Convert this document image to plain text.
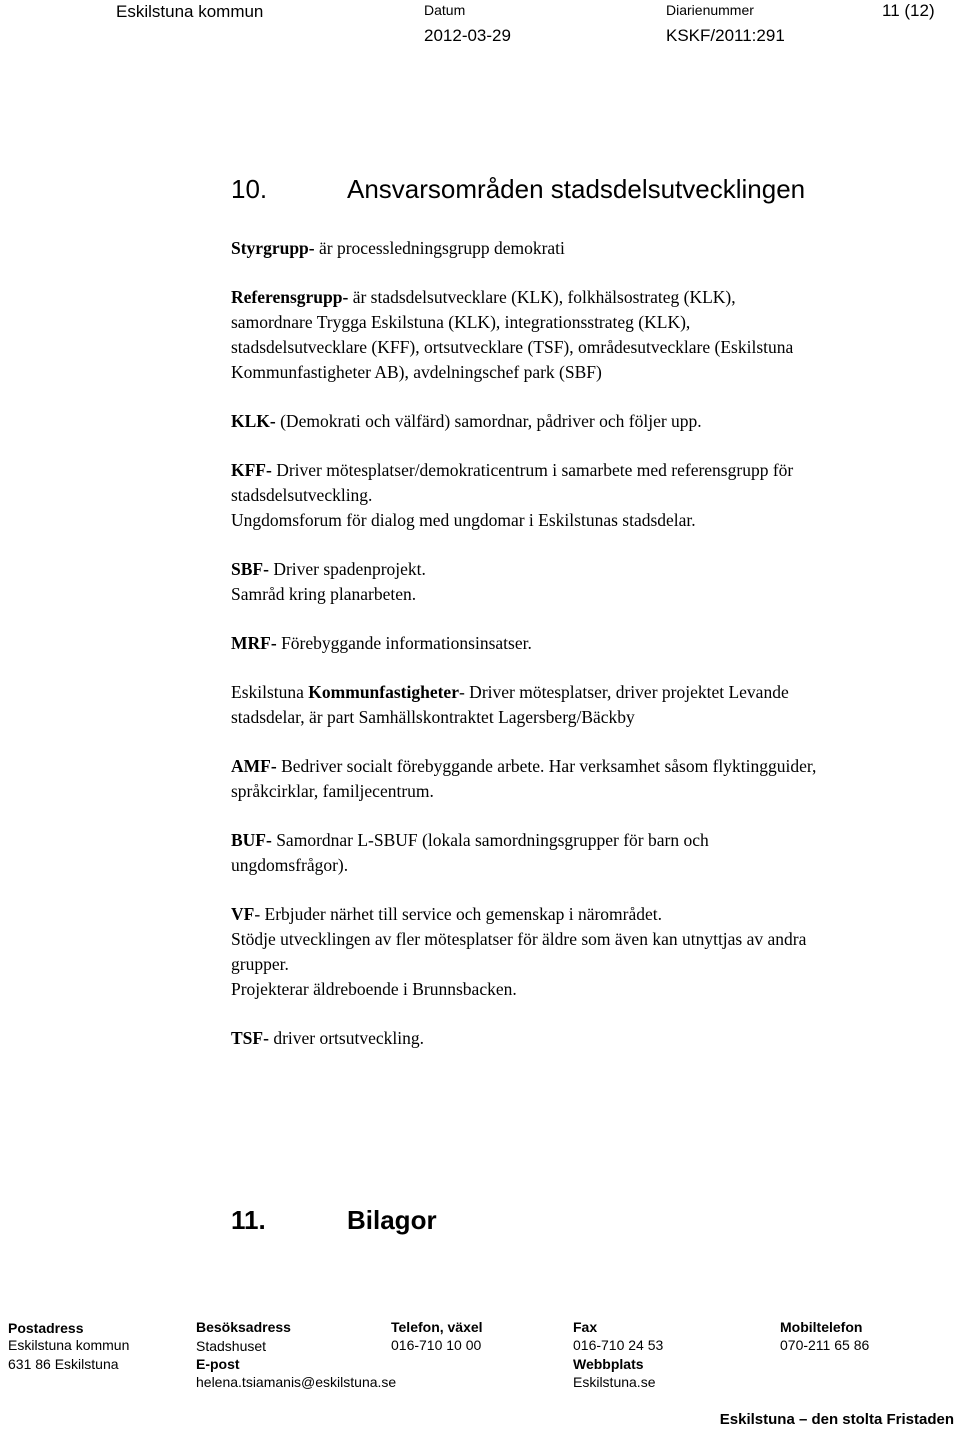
Eskilstuna kommun	Datum
2012-03-29
Diarienummer
KSKF/2011:291
11 (12)
10.	Ansvarsområden stadsdelsutvecklingen

Styrgrupp- är processledningsgrupp demokrati

Referensgrupp- är stadsdelsutvecklare (KLK), folkhälsostrateg (KLK),
samordnare Trygga Eskilstuna (KLK), integrationsstrateg (KLK),
stadsdelsutvecklare (KFF), ortsutvecklare (TSF), områdesutvecklare (Eskilstuna
Kommunfastigheter AB), avdelningschef park (SBF)

KLK- (Demokrati och välfärd) samordnar, pådriver och följer upp.

KFF- Driver mötesplatser/demokraticentrum i samarbete med referensgrupp för
stadsdelsutveckling.
Ungdomsforum för dialog med ungdomar i Eskilstunas stadsdelar.

SBF- Driver spadenprojekt.
Samråd kring planarbeten.

MRF- Förebyggande informationsinsatser.

Eskilstuna Kommunfastigheter- Driver mötesplatser, driver projektet Levande
stadsdelar, är part Samhällskontraktet Lagersberg/Bäckby

AMF- Bedriver socialt förebyggande arbete. Har verksamhet såsom flyktingguider,
språkcirklar, familjecentrum.

BUF- Samordnar L-SBUF (lokala samordningsgrupper för barn och
ungdomsfrågor).

VF- Erbjuder närhet till service och gemenskap i närområdet.
Stödje utvecklingen av fler mötesplatser för äldre som även kan utnyttjas av andra
grupper.
Projekterar äldreboende i Brunnsbacken.

TSF- driver ortsutveckling.

11.	Bilagor
Postadress
Eskilstuna kommun
631 86 Eskilstuna
Besöksadress
Stadshuset
E-post
helena.tsiamanis@eskilstuna.se
Telefon, växel
016-710 10 00
Fax
016-710 24 53
Webbplats
Eskilstuna.se
Mobiltelefon
070-211 65 86
Eskilstuna – den stolta Fristaden
